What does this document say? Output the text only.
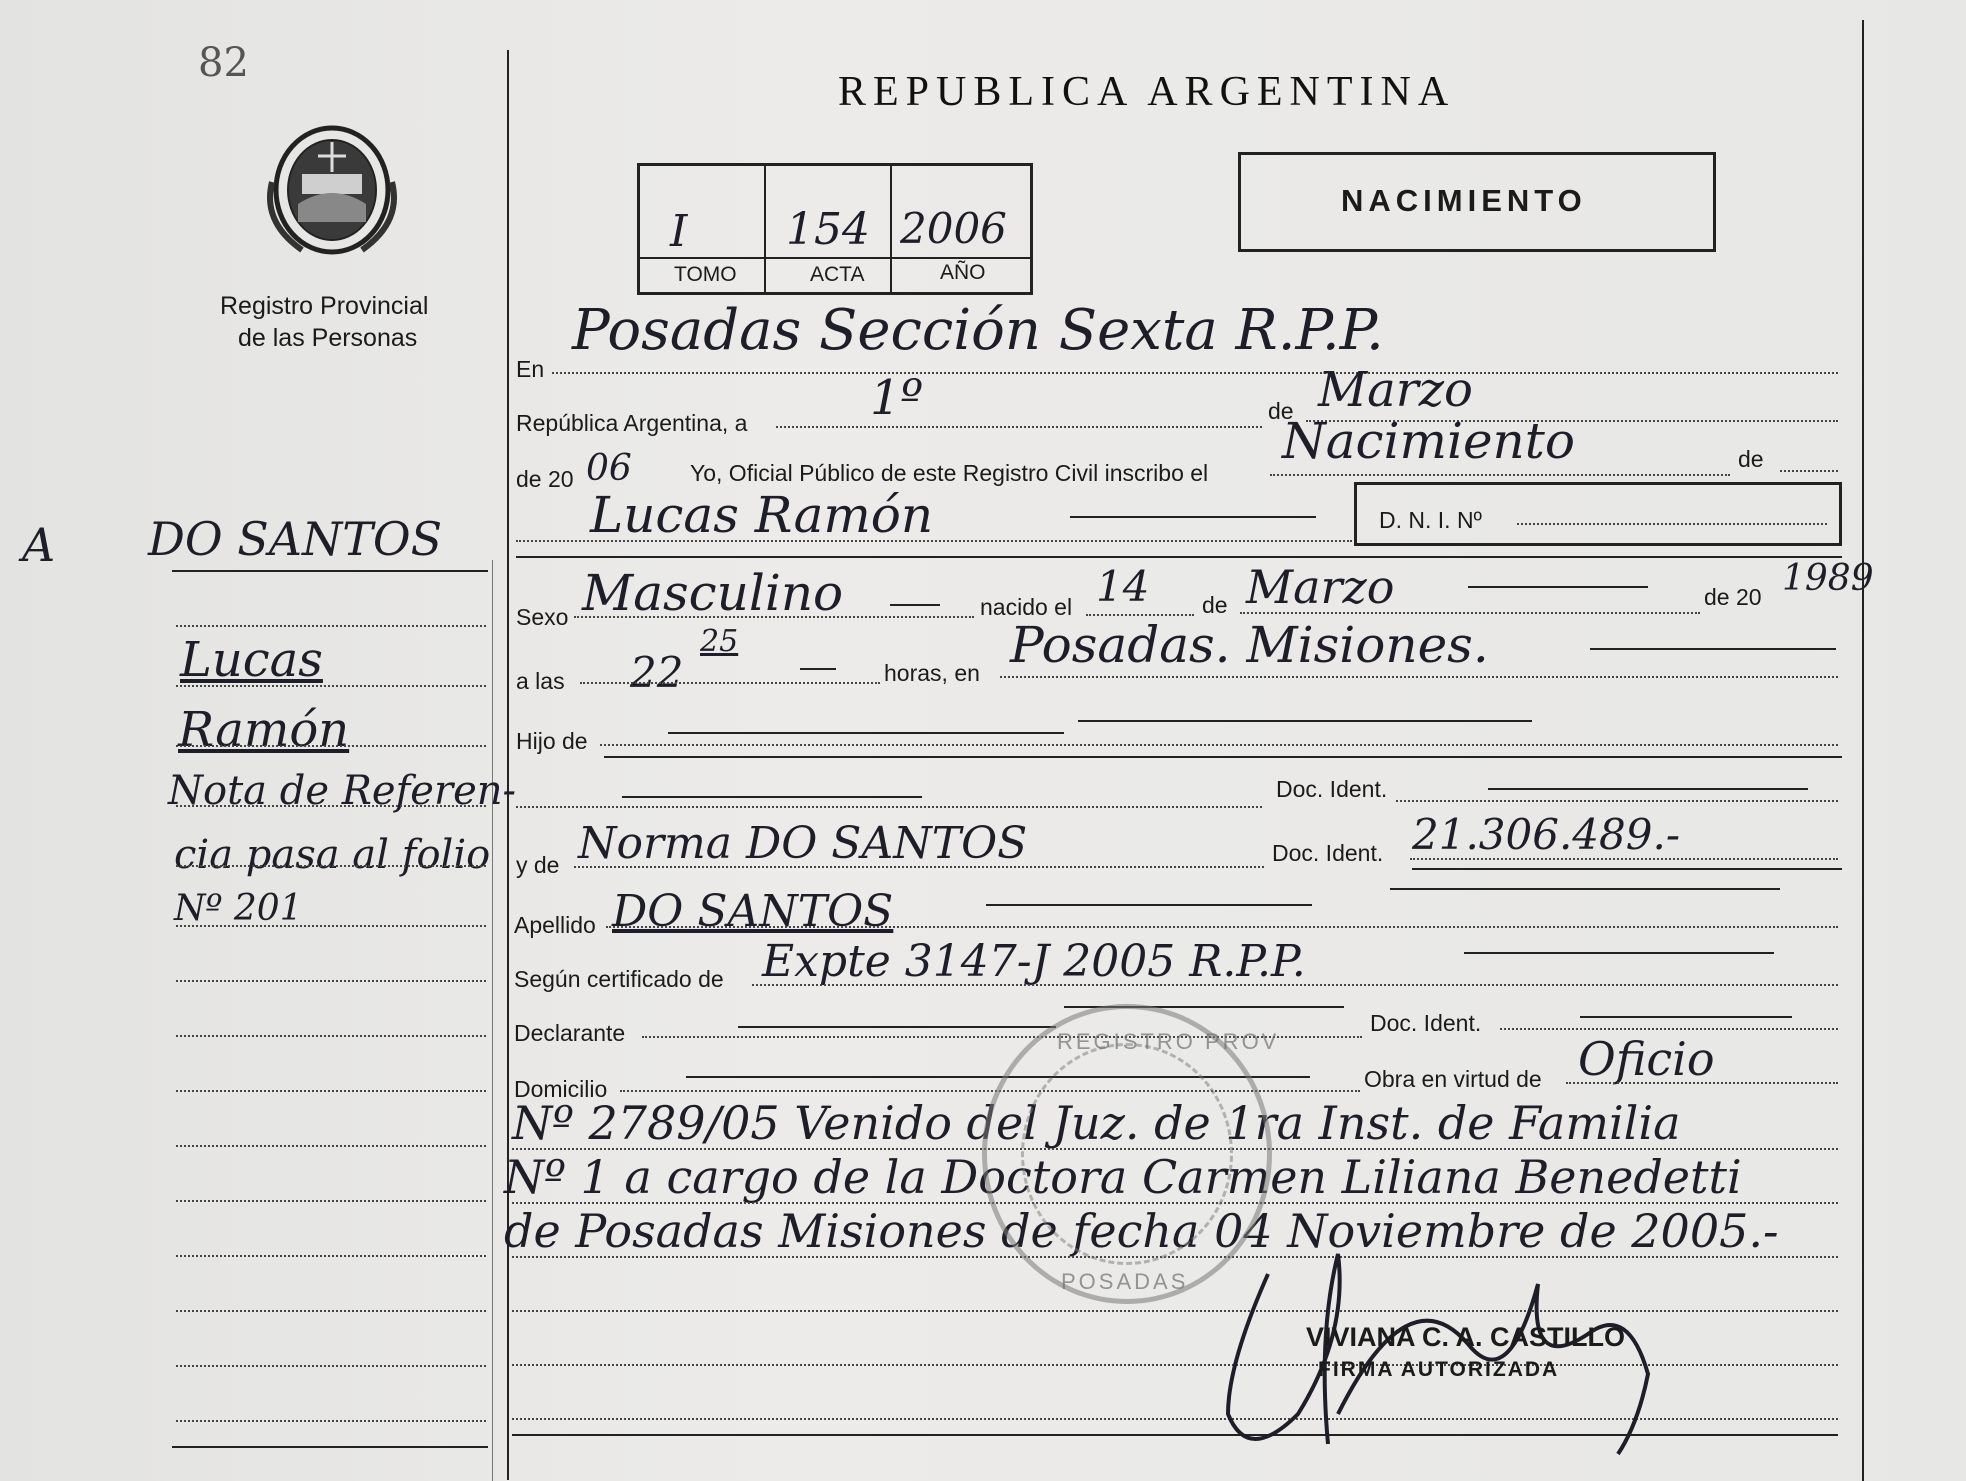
82
Registro Provincial
de las Personas
REPUBLICA ARGENTINA
I 154 2006
TOMO	ACTA	AÑO
NACIMIENTO
A DO SANTOS
Lucas
Ramón
Nota de Referen-
cia pasa al folio
Nº 201
En
Posadas Sección Sexta R.P.P.
República Argentina, a	1º	de Marzo
de 20 06	Yo, Oficial Público de este Registro Civil inscribo el
Nacimiento	de
Lucas Ramón	D. N. I. Nº
Sexo Masculino	nacido el 14 de Marzo	de 20 1989
a las 22
25
horas, en Posadas. Misiones.
Hijo de
Doc. Ident.
y de Norma DO SANTOS	Doc. Ident. 21.306.489.-
Apellido DO SANTOS
Según certificado de Expte 3147-J 2005 R.P.P.
Declarante	Doc. Ident.
Domicilio	Obra en virtud de Oficio
Nº 2789/05 Venido del Juz. de 1ra Inst. de Familia
Nº 1 a cargo de la Doctora Carmen Liliana Benedetti
de Posadas Misiones de fecha 04 Noviembre de 2005.-
REGISTRO PROV
POSADAS
VIVIANA C. A. CASTILLO
FIRMA AUTORIZADA
